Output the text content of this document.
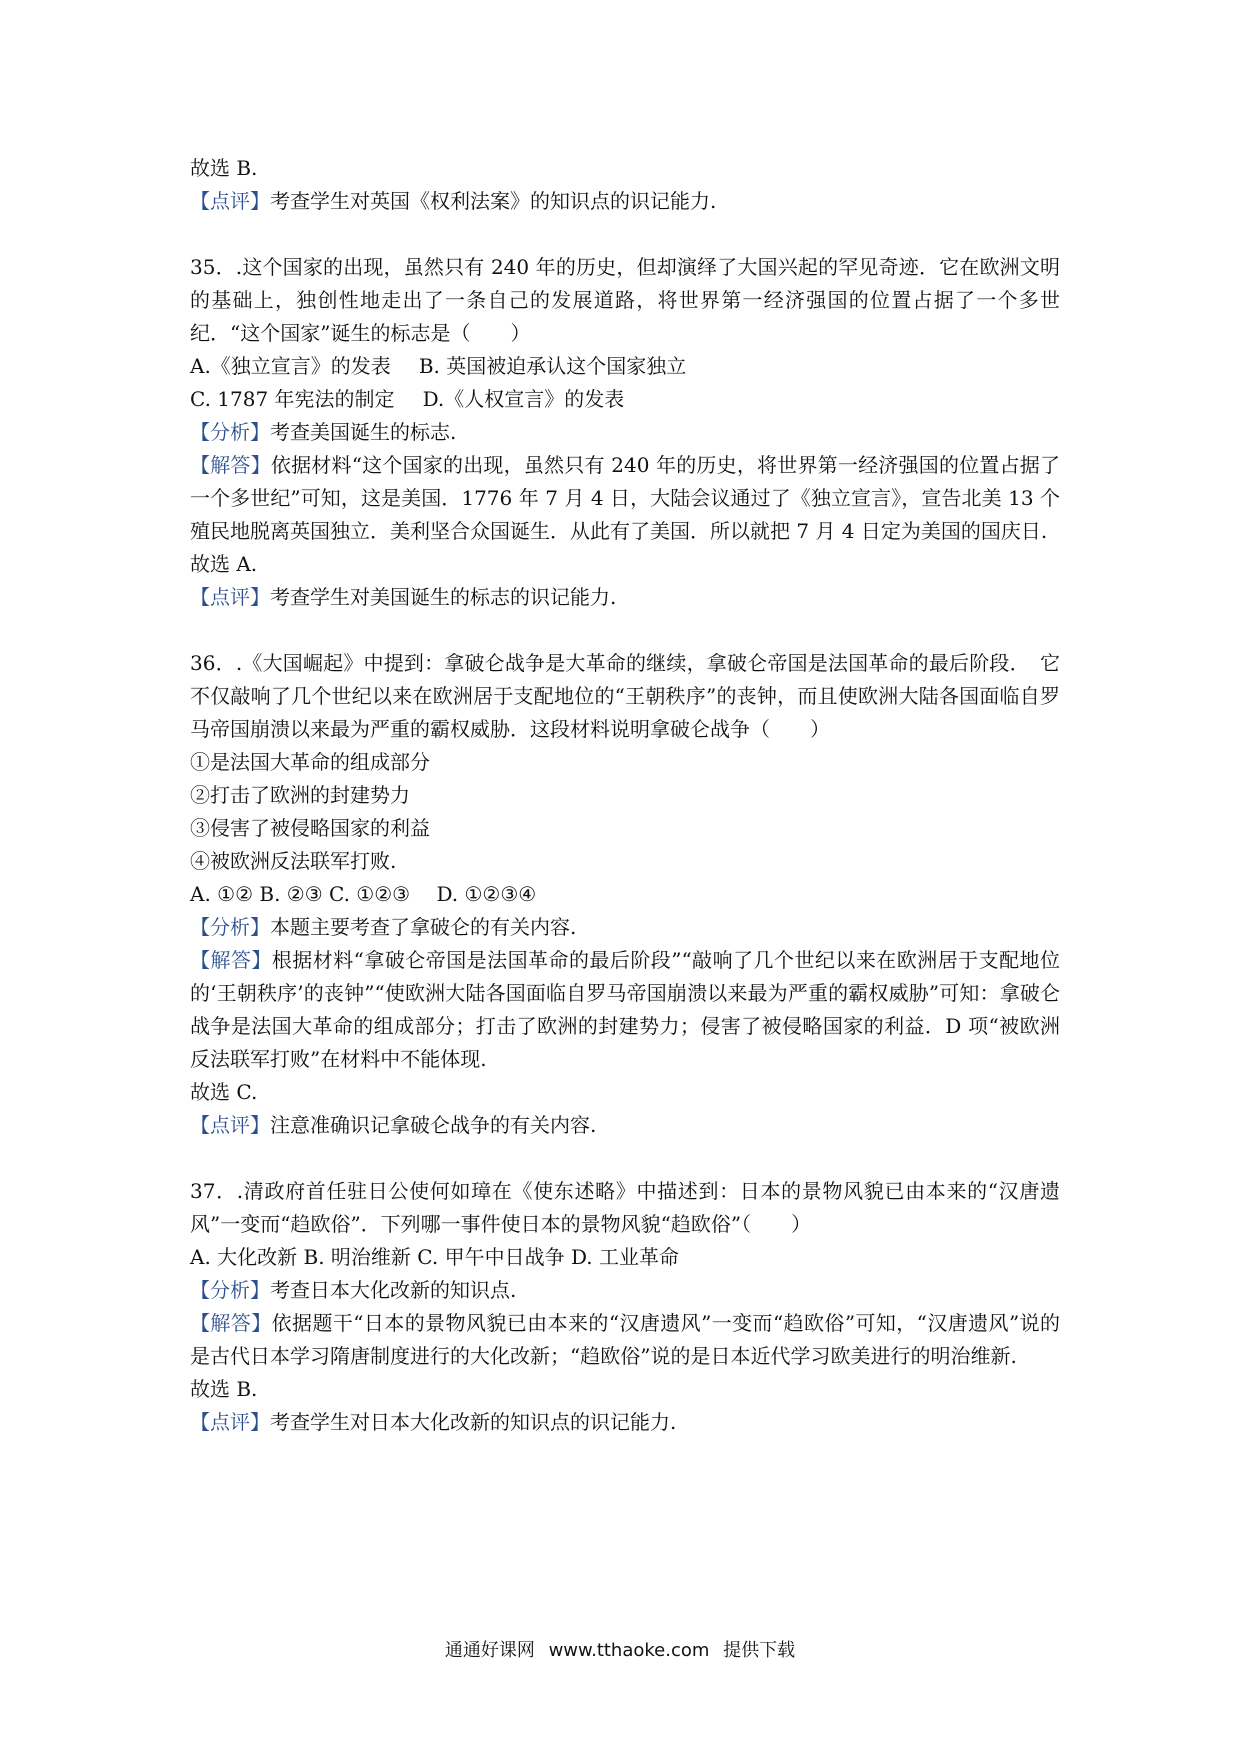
故选 B.
【点评】考查学生对英国《权利法案》的知识点的识记能力.
35．.这个国家的出现，虽然只有 240 年的历史，但却演绎了大国兴起的罕见奇迹．它在欧洲文明的基础上，独创性地走出了一条自己的发展道路，将世界第一经济强国的位置占据了一个多世纪．“这个国家”诞生的标志是（　　）
A.《独立宣言》的发表 B. 英国被迫承认这个国家独立
C. 1787 年宪法的制定 D.《人权宣言》的发表
【分析】考查美国诞生的标志.
【解答】依据材料“这个国家的出现，虽然只有 240 年的历史，将世界第一经济强国的位置占据了一个多世纪”可知，这是美国．1776 年 7 月 4 日，大陆会议通过了《独立宣言》，宣告北美 13 个殖民地脱离英国独立．美利坚合众国诞生．从此有了美国．所以就把 7 月 4 日定为美国的国庆日.
故选 A.
【点评】考查学生对美国诞生的标志的识记能力.
36．.《大国崛起》中提到：拿破仑战争是大革命的继续，拿破仑帝国是法国革命的最后阶段．　它不仅敲响了几个世纪以来在欧洲居于支配地位的“王朝秩序”的丧钟，而且使欧洲大陆各国面临自罗马帝国崩溃以来最为严重的霸权威胁．这段材料说明拿破仑战争（　　）
①是法国大革命的组成部分
②打击了欧洲的封建势力
③侵害了被侵略国家的利益
④被欧洲反法联军打败.
A. ①② B. ②③ C. ①②③　 D. ①②③④
【分析】本题主要考查了拿破仑的有关内容.
【解答】根据材料“拿破仑帝国是法国革命的最后阶段”“敲响了几个世纪以来在欧洲居于支配地位的‘王朝秩序’的丧钟”“使欧洲大陆各国面临自罗马帝国崩溃以来最为严重的霸权威胁”可知：拿破仑战争是法国大革命的组成部分；打击了欧洲的封建势力；侵害了被侵略国家的利益．D 项“被欧洲反法联军打败”在材料中不能体现.
故选 C.
【点评】注意准确识记拿破仑战争的有关内容.
37．.清政府首任驻日公使何如璋在《使东述略》中描述到：日本的景物风貌已由本来的“汉唐遗风”一变而“趋欧俗”．下列哪一事件使日本的景物风貌“趋欧俗”（　　）
A. 大化改新 B. 明治维新 C. 甲午中日战争 D. 工业革命
【分析】考查日本大化改新的知识点.
【解答】依据题干“日本的景物风貌已由本来的“汉唐遗风”一变而“趋欧俗”可知，“汉唐遗风”说的是古代日本学习隋唐制度进行的大化改新；“趋欧俗”说的是日本近代学习欧美进行的明治维新.
故选 B.
【点评】考查学生对日本大化改新的知识点的识记能力.
通通好课网 www.tthaoke.com 提供下载
